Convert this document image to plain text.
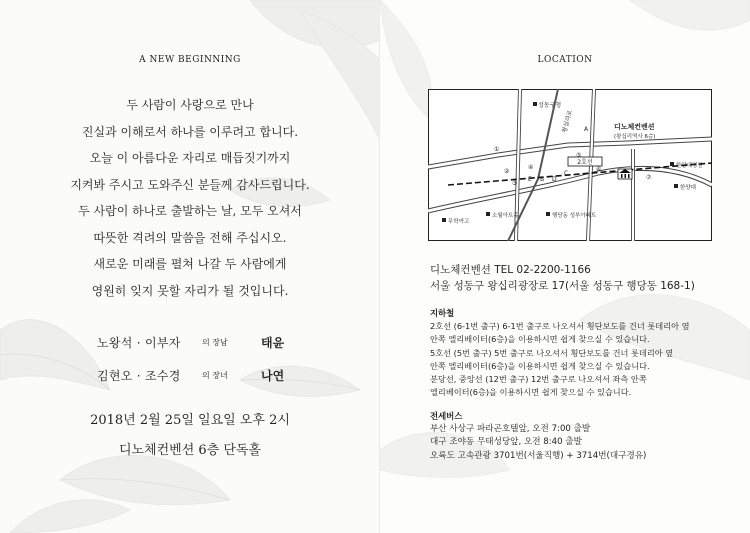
A NEW BEGINNING
두 사람이 사랑으로 만나
진실과 이해로서 하나를 이루려고 합니다.
오늘 이 아름다운 자리로 매듭짓기까지
지켜봐 주시고 도와주신 분들께 감사드립니다.
두 사람이 하나로 출발하는 날, 모두 오셔서
따뜻한 격려의 말씀을 전해 주십시오.
새로운 미래를 펼쳐 나갈 두 사람에게
영원히 잊지 못할 자리가 될 것입니다.
노왕석 · 이부자	의 장남	태윤
김현오 · 조수경	의 장녀	나연
2018년 2월 25일 일요일 오후 2시
디노체컨벤션 6층 단독홀
LOCATION
2호선
성동구청
왕십리로	디노체컨벤션
(왕십리역사 6층)
한양대병원
한양대
무학여고
소월아트홀	행당동 성부아파트
A
B
C
D
E
①
②
③
④
⑤
⑥
⑦
디노체컨벤션 TEL 02-2200-1166
서울 성동구 왕십리광장로 17(서울 성동구 행당동 168-1)
지하철
2호선 (6-1번 출구) 6-1번 출구로 나오셔서 횡단보도를 건너 롯데리아 옆
안쪽 엘리베이터(6층)을 이용하시면 쉽게 찾으실 수 있습니다.
5호선 (5번 출구) 5번 출구로 나오셔서 횡단보도를 건너 롯데리아 옆
안쪽 엘리베이터(6층)을 이용하시면 쉽게 찾으실 수 있습니다.
분당선, 중앙선 (12번 출구) 12번 출구로 나오셔서 좌측 안쪽
엘리베이터(6층)을 이용하시면 쉽게 찾으실 수 있습니다.
전세버스
부산 사상구 파라곤호텔앞, 오전 7:00 출발
대구 조야동 무태성당앞, 오전 8:40 출발
오륙도 고속관광 3701번(서울직행) + 3714번(대구경유)
